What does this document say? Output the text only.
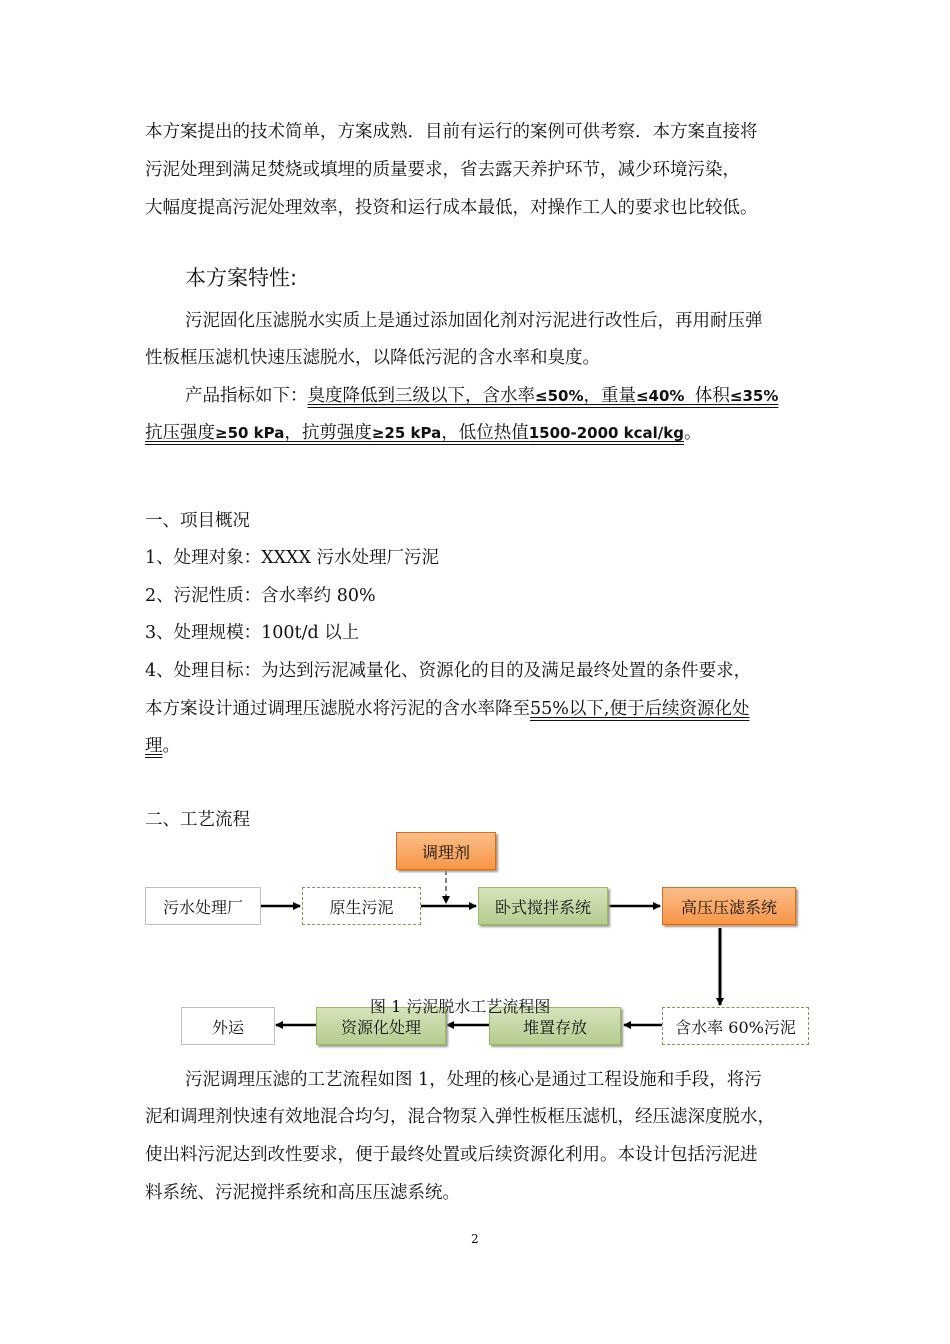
本方案提出的技术简单，方案成熟．目前有运行的案例可供考察．本方案直接将
污泥处理到满足焚烧或填埋的质量要求，省去露天养护环节，减少环境污染，
大幅度提高污泥处理效率，投资和运行成本最低，对操作工人的要求也比较低。
本方案特性:
污泥固化压滤脱水实质上是通过添加固化剂对污泥进行改性后，再用耐压弹
性板框压滤机快速压滤脱水，以降低污泥的含水率和臭度。
产品指标如下：臭度降低到三级以下，含水率≤50%，重量≤40%  体积≤35%
抗压强度≥50 kPa，抗剪强度≥25 kPa，低位热值1500-2000 kcal/kg。
一、项目概况
1、处理对象：XXXX 污水处理厂污泥
2、污泥性质：含水率约 80%
3、处理规模：100t/d 以上
4、处理目标：为达到污泥减量化、资源化的目的及满足最终处置的条件要求，
本方案设计通过调理压滤脱水将污泥的含水率降至55%以下,便于后续资源化处
理。
二、工艺流程
调理剂
污水处理厂	原生污泥	卧式搅拌系统	高压压滤系统
含水率 60%污泥
堆置存放
资源化处理
外运
图 1 污泥脱水工艺流程图
污泥调理压滤的工艺流程如图 1，处理的核心是通过工程设施和手段，将污
泥和调理剂快速有效地混合均匀，混合物泵入弹性板框压滤机，经压滤深度脱水，
使出料污泥达到改性要求，便于最终处置或后续资源化利用。本设计包括污泥进
料系统、污泥搅拌系统和高压压滤系统。
2
